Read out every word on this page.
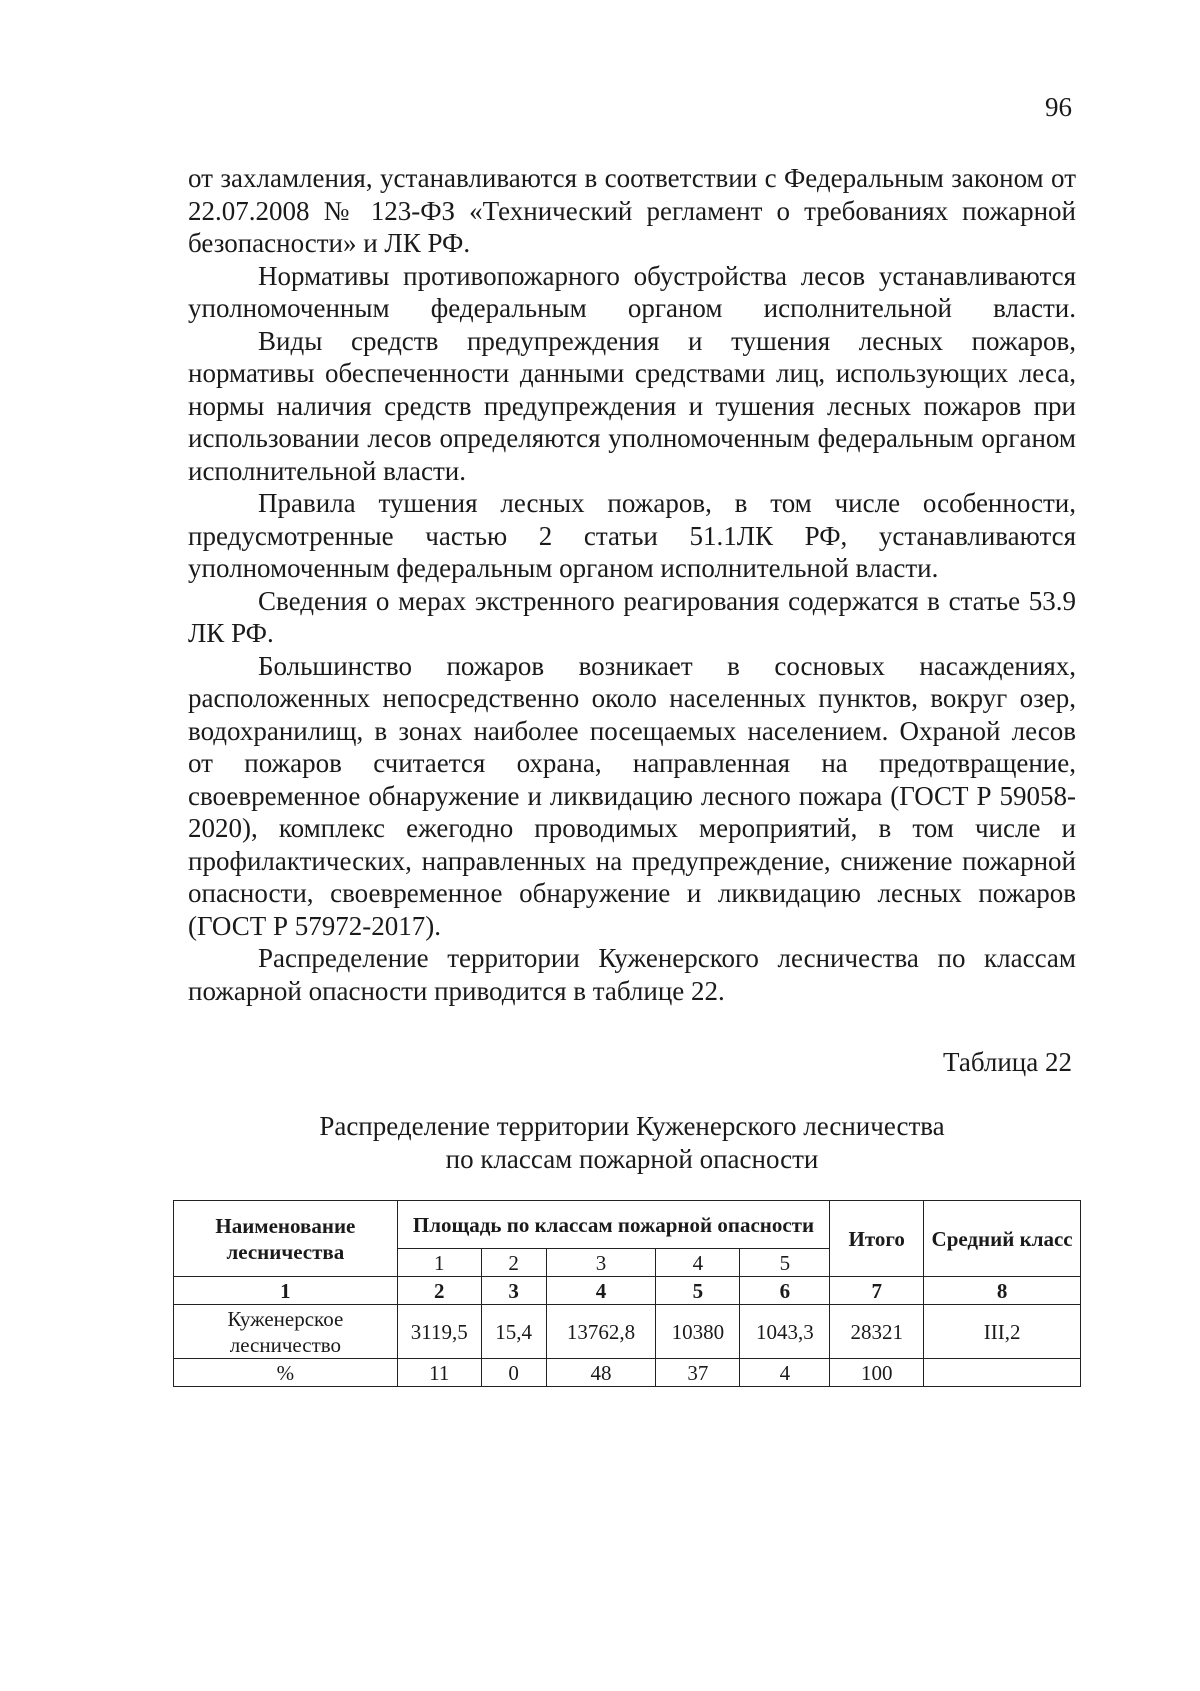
96

от захламления, устанавливаются в соответствии с Федеральным законом от 22.07.2008 № 123-ФЗ «Технический регламент о требованиях пожарной безопасности» и ЛК РФ.

Нормативы противопожарного обустройства лесов устанавливаются уполномоченным федеральным органом исполнительной власти.

Виды средств предупреждения и тушения лесных пожаров, нормативы обеспеченности данными средствами лиц, использующих леса, нормы наличия средств предупреждения и тушения лесных пожаров при использовании лесов определяются уполномоченным федеральным органом исполнительной власти.

Правила тушения лесных пожаров, в том числе особенности, предусмотренные частью 2 статьи 51.1ЛК РФ, устанавливаются уполномоченным федеральным органом исполнительной власти.

Сведения о мерах экстренного реагирования содержатся в статье 53.9 ЛК РФ.

Большинство пожаров возникает в сосновых насаждениях, расположенных непосредственно около населенных пунктов, вокруг озер, водохранилищ, в зонах наиболее посещаемых населением. Охраной лесов от пожаров считается охрана, направленная на предотвращение, своевременное обнаружение и ликвидацию лесного пожара (ГОСТ Р 59058-2020), комплекс ежегодно проводимых мероприятий, в том числе и профилактических, направленных на предупреждение, снижение пожарной опасности, своевременное обнаружение и ликвидацию лесных пожаров (ГОСТ Р 57972-2017).

Распределение территории Куженерского лесничества по классам пожарной опасности приводится в таблице 22.

Таблица 22
Распределение территории Куженерского лесничества
по классам пожарной опасности
Наименование лесничества	Площадь по классам пожарной опасности					Итого	Средний класс
	1	2	3	4	5		
1	2	3	4	5	6	7	8
Куженерское лесничество	3119,5	15,4	13762,8	10380	1043,3	28321	III,2
%	11	0	48	37	4	100	
